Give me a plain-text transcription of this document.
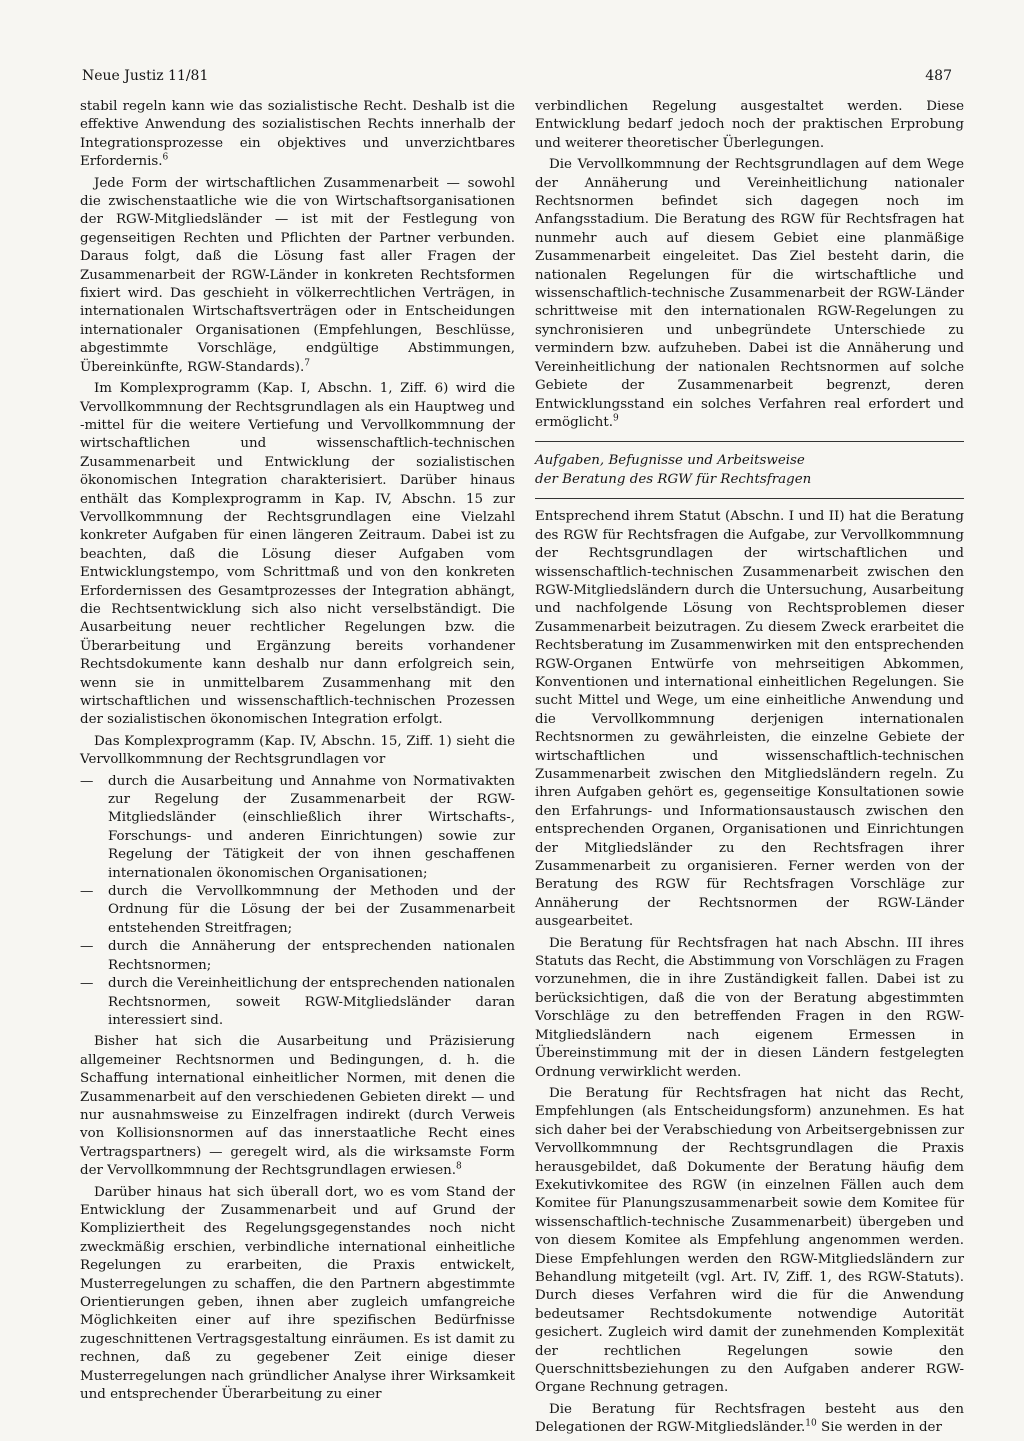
Neue Justiz 11/81	487

stabil regeln kann wie das sozialistische Recht. Deshalb ist die effektive Anwendung des sozialistischen Rechts innerhalb der Integrationsprozesse ein objektives und unverzichtbares Erfordernis.$^6$

Jede Form der wirtschaftlichen Zusammenarbeit — sowohl die zwischenstaatliche wie die von Wirtschaftsorganisationen der RGW-Mitgliedsländer — ist mit der Festlegung von gegenseitigen Rechten und Pflichten der Partner verbunden. Daraus folgt, daß die Lösung fast aller Fragen der Zusammenarbeit der RGW-Länder in konkreten Rechtsformen fixiert wird. Das geschieht in völkerrechtlichen Verträgen, in internationalen Wirtschaftsverträgen oder in Entscheidungen internationaler Organisationen (Empfehlungen, Beschlüsse, abgestimmte Vorschläge, endgültige Abstimmungen, Übereinkünfte, RGW-Standards).$^7$

Im Komplexprogramm (Kap. I, Abschn. 1, Ziff. 6) wird die Vervollkommnung der Rechtsgrundlagen als ein Hauptweg und -mittel für die weitere Vertiefung und Vervollkommnung der wirtschaftlichen und wissenschaftlich-technischen Zusammenarbeit und Entwicklung der sozialistischen ökonomischen Integration charakterisiert. Darüber hinaus enthält das Komplexprogramm in Kap. IV, Abschn. 15 zur Vervollkommnung der Rechtsgrundlagen eine Vielzahl konkreter Aufgaben für einen längeren Zeitraum. Dabei ist zu beachten, daß die Lösung dieser Aufgaben vom Entwicklungstempo, vom Schrittmaß und von den konkreten Erfordernissen des Gesamtprozesses der Integration abhängt, die Rechtsentwicklung sich also nicht verselbständigt. Die Ausarbeitung neuer rechtlicher Regelungen bzw. die Überarbeitung und Ergänzung bereits vorhandener Rechtsdokumente kann deshalb nur dann erfolgreich sein, wenn sie in unmittelbarem Zusammenhang mit den wirtschaftlichen und wissenschaftlich-technischen Prozessen der sozialistischen ökonomischen Integration erfolgt.

Das Komplexprogramm (Kap. IV, Abschn. 15, Ziff. 1) sieht die Vervollkommnung der Rechtsgrundlagen vor

— durch die Ausarbeitung und Annahme von Normativakten zur Regelung der Zusammenarbeit der RGW-Mitgliedsländer (einschließlich ihrer Wirtschafts-, Forschungs- und anderen Einrichtungen) sowie zur Regelung der Tätigkeit der von ihnen geschaffenen internationalen ökonomischen Organisationen;
— durch die Vervollkommnung der Methoden und der Ordnung für die Lösung der bei der Zusammenarbeit entstehenden Streitfragen;
— durch die Annäherung der entsprechenden nationalen Rechtsnormen;
— durch die Vereinheitlichung der entsprechenden nationalen Rechtsnormen, soweit RGW-Mitgliedsländer daran interessiert sind.

Bisher hat sich die Ausarbeitung und Präzisierung allgemeiner Rechtsnormen und Bedingungen, d. h. die Schaffung international einheitlicher Normen, mit denen die Zusammenarbeit auf den verschiedenen Gebieten direkt — und nur ausnahmsweise zu Einzelfragen indirekt (durch Verweis von Kollisionsnormen auf das innerstaatliche Recht eines Vertragspartners) — geregelt wird, als die wirksamste Form der Vervollkommnung der Rechtsgrundlagen erwiesen.$^8$

Darüber hinaus hat sich überall dort, wo es vom Stand der Entwicklung der Zusammenarbeit und auf Grund der Kompliziertheit des Regelungsgegenstandes noch nicht zweckmäßig erschien, verbindliche international einheitliche Regelungen zu erarbeiten, die Praxis entwickelt, Musterregelungen zu schaffen, die den Partnern abgestimmte Orientierungen geben, ihnen aber zugleich umfangreiche Möglichkeiten einer auf ihre spezifischen Bedürfnisse zugeschnittenen Vertragsgestaltung einräumen. Es ist damit zu rechnen, daß zu gegebener Zeit einige dieser Musterregelungen nach gründlicher Analyse ihrer Wirksamkeit und entsprechender Überarbeitung zu einer

verbindlichen Regelung ausgestaltet werden. Diese Entwicklung bedarf jedoch noch der praktischen Erprobung und weiterer theoretischer Überlegungen.

Die Vervollkommnung der Rechtsgrundlagen auf dem Wege der Annäherung und Vereinheitlichung nationaler Rechtsnormen befindet sich dagegen noch im Anfangsstadium. Die Beratung des RGW für Rechtsfragen hat nunmehr auch auf diesem Gebiet eine planmäßige Zusammenarbeit eingeleitet. Das Ziel besteht darin, die nationalen Regelungen für die wirtschaftliche und wissenschaftlich-technische Zusammenarbeit der RGW-Länder schrittweise mit den internationalen RGW-Regelungen zu synchronisieren und unbegründete Unterschiede zu vermindern bzw. aufzuheben. Dabei ist die Annäherung und Vereinheitlichung der nationalen Rechtsnormen auf solche Gebiete der Zusammenarbeit begrenzt, deren Entwicklungsstand ein solches Verfahren real erfordert und ermöglicht.$^9$

Aufgaben, Befugnisse und Arbeitsweise
der Beratung des RGW für Rechtsfragen

Entsprechend ihrem Statut (Abschn. I und II) hat die Beratung des RGW für Rechtsfragen die Aufgabe, zur Vervollkommnung der Rechtsgrundlagen der wirtschaftlichen und wissenschaftlich-technischen Zusammenarbeit zwischen den RGW-Mitgliedsländern durch die Untersuchung, Ausarbeitung und nachfolgende Lösung von Rechtsproblemen dieser Zusammenarbeit beizutragen. Zu diesem Zweck erarbeitet die Rechtsberatung im Zusammenwirken mit den entsprechenden RGW-Organen Entwürfe von mehrseitigen Abkommen, Konventionen und international einheitlichen Regelungen. Sie sucht Mittel und Wege, um eine einheitliche Anwendung und die Vervollkommnung derjenigen internationalen Rechtsnormen zu gewährleisten, die einzelne Gebiete der wirtschaftlichen und wissenschaftlich-technischen Zusammenarbeit zwischen den Mitgliedsländern regeln. Zu ihren Aufgaben gehört es, gegenseitige Konsultationen sowie den Erfahrungs- und Informationsaustausch zwischen den entsprechenden Organen, Organisationen und Einrichtungen der Mitgliedsländer zu den Rechtsfragen ihrer Zusammenarbeit zu organisieren. Ferner werden von der Beratung des RGW für Rechtsfragen Vorschläge zur Annäherung der Rechtsnormen der RGW-Länder ausgearbeitet.

Die Beratung für Rechtsfragen hat nach Abschn. III ihres Statuts das Recht, die Abstimmung von Vorschlägen zu Fragen vorzunehmen, die in ihre Zuständigkeit fallen. Dabei ist zu berücksichtigen, daß die von der Beratung abgestimmten Vorschläge zu den betreffenden Fragen in den RGW-Mitgliedsländern nach eigenem Ermessen in Übereinstimmung mit der in diesen Ländern festgelegten Ordnung verwirklicht werden.

Die Beratung für Rechtsfragen hat nicht das Recht, Empfehlungen (als Entscheidungsform) anzunehmen. Es hat sich daher bei der Verabschiedung von Arbeitsergebnissen zur Vervollkommnung der Rechtsgrundlagen die Praxis herausgebildet, daß Dokumente der Beratung häufig dem Exekutivkomitee des RGW (in einzelnen Fällen auch dem Komitee für Planungszusammenarbeit sowie dem Komitee für wissenschaftlich-technische Zusammenarbeit) übergeben und von diesem Komitee als Empfehlung angenommen werden. Diese Empfehlungen werden den RGW-Mitgliedsländern zur Behandlung mitgeteilt (vgl. Art. IV, Ziff. 1, des RGW-Statuts). Durch dieses Verfahren wird die für die Anwendung bedeutsamer Rechtsdokumente notwendige Autorität gesichert. Zugleich wird damit der zunehmenden Komplexität der rechtlichen Regelungen sowie den Querschnittsbeziehungen zu den Aufgaben anderer RGW-Organe Rechnung getragen.

Die Beratung für Rechtsfragen besteht aus den Delegationen der RGW-Mitgliedsländer.$^{10}$ Sie werden in der
